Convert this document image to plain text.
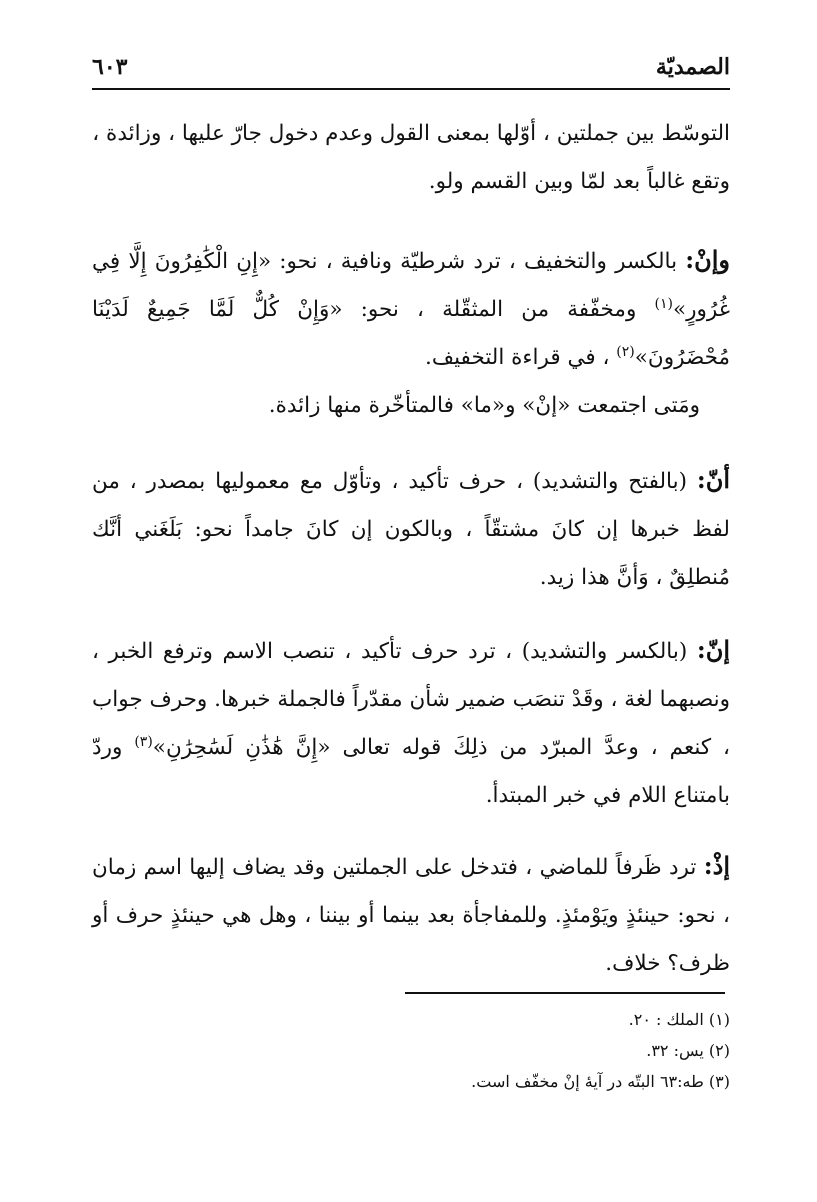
الصمديّة
٦٠٣

التوسّط بين جملتين ، أوّلها بمعنى القول وعدم دخول جارّ عليها ، وزائدة ،

وتقع غالباً بعد لمّا وبين القسم ولو.

وإنْ: بالكسر والتخفيف ، ترد شرطيّة ونافية ، نحو: «إِنِ الْكَٰفِرُونَ إِلَّا فِي غُرُورٍ»$^{(١)}$ ومخفّفة من المثقّلة ، نحو: «وَإِنْ كُلٌّ لَمَّا جَمِيعٌ لَدَيْنَا مُحْضَرُونَ»$^{(٢)}$ ، في قراءة التخفيف.

ومَتى اجتمعت «إنْ» و«ما» فالمتأخّرة منها زائدة.

أنّ: (بالفتح والتشديد) ، حرف تأكيد ، وتأوّل مع معموليها بمصدر ، من لفظ خبرها إن كانَ مشتقّاً ، وبالكون إن كانَ جامداً نحو: بَلَغَني أنَّك مُنطلِقٌ ، وَأنَّ هذا زيد.

إنّ: (بالكسر والتشديد) ، ترد حرف تأكيد ، تنصب الاسم وترفع الخبر ، ونصبهما لغة ، وقَدْ تنصَب ضمير شأن مقدّراً فالجملة خبرها. وحرف جواب ، كنعم ، وعدَّ المبرّد من ذلِكَ قوله تعالى «إِنَّ هَٰذَٰنِ لَسَٰحِرَٰنِ»$^{(٣)}$ وردّ بامتناع اللام في خبر المبتدأ.

إذْ: ترد ظَرفاً للماضي ، فتدخل على الجملتين وقد يضاف إليها اسم زمان ، نحو: حينئذٍ ويَوْمئذٍ. وللمفاجأة بعد بينما أو بيننا ، وهل هي حينئذٍ حرف أو ظرف؟ خلاف.

(١) الملك : ٢٠.

(٢) يس: ٣٢.

(٣) طه:٦٣ البتّه در آيهٔ إنْ مخفّف است.
